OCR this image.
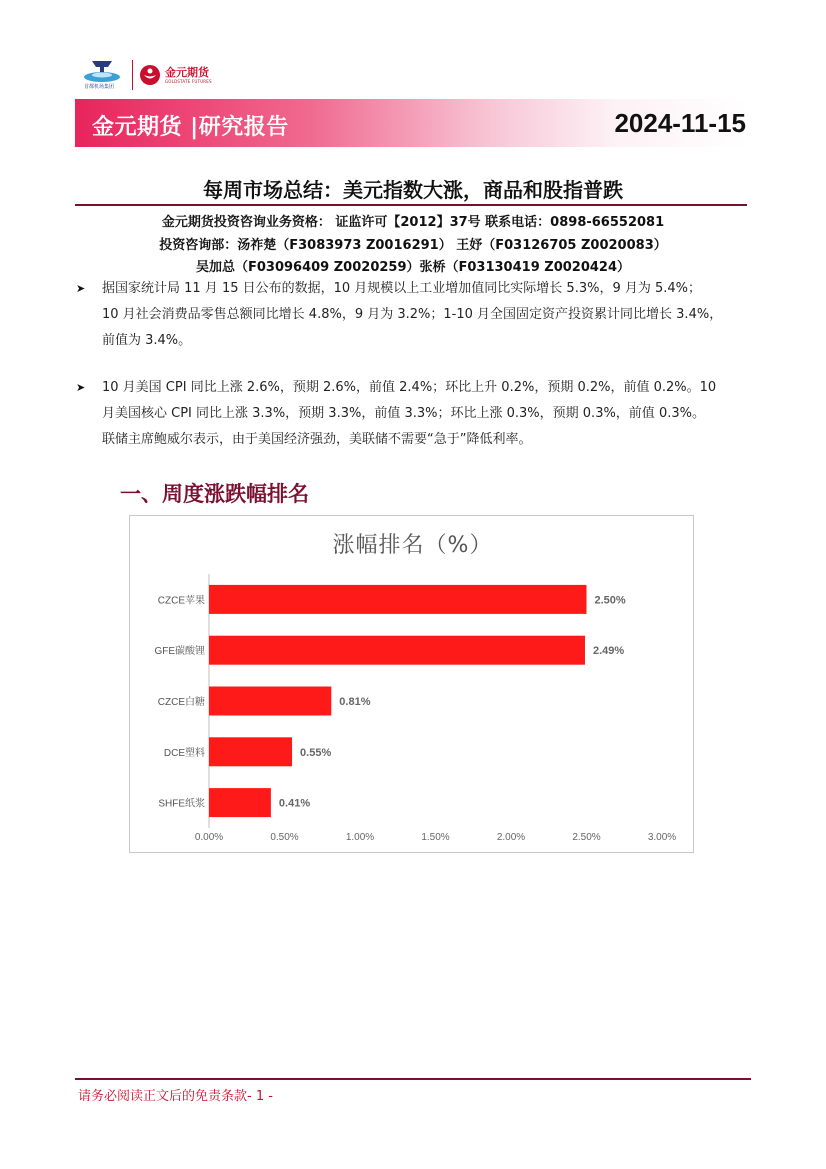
首都机场集团
金元期货
GOLDSTATE FUTURES
金元期货 |研究报告	2024-11-15
每周市场总结：美元指数大涨，商品和股指普跌
金元期货投资咨询业务资格： 证监许可【2012】37号 联系电话：0898-66552081
投资咨询部：汤祚楚（F3083973 Z0016291） 王妤（F03126705 Z0020083）
吴加总（F03096409 Z0020259）张桥（F03130419 Z0020424）
➤ 据国家统计局 11 月 15 日公布的数据，10 月规模以上工业增加值同比实际增长 5.3%，9 月为 5.4%；
10 月社会消费品零售总额同比增长 4.8%，9 月为 3.2%；1-10 月全国固定资产投资累计同比增长 3.4%，
前值为 3.4%。
➤ 10 月美国 CPI 同比上涨 2.6%，预期 2.6%，前值 2.4%；环比上升 0.2%，预期 0.2%，前值 0.2%。10
月美国核心 CPI 同比上涨 3.3%，预期 3.3%，前值 3.3%；环比上涨 0.3%，预期 0.3%，前值 0.3%。
联储主席鲍威尔表示，由于美国经济强劲，美联储不需要“急于”降低利率。
一、周度涨跌幅排名
涨幅排名（%）
CZCE苹果	2.50%
GFE碳酸锂	2.49%
CZCE白糖	0.81%
DCE塑料	0.55%
SHFE纸浆	0.41%
0.00%	0.50%	1.00%	1.50%	2.00%	2.50%	3.00%
请务必阅读正文后的免责条款- 1 -
